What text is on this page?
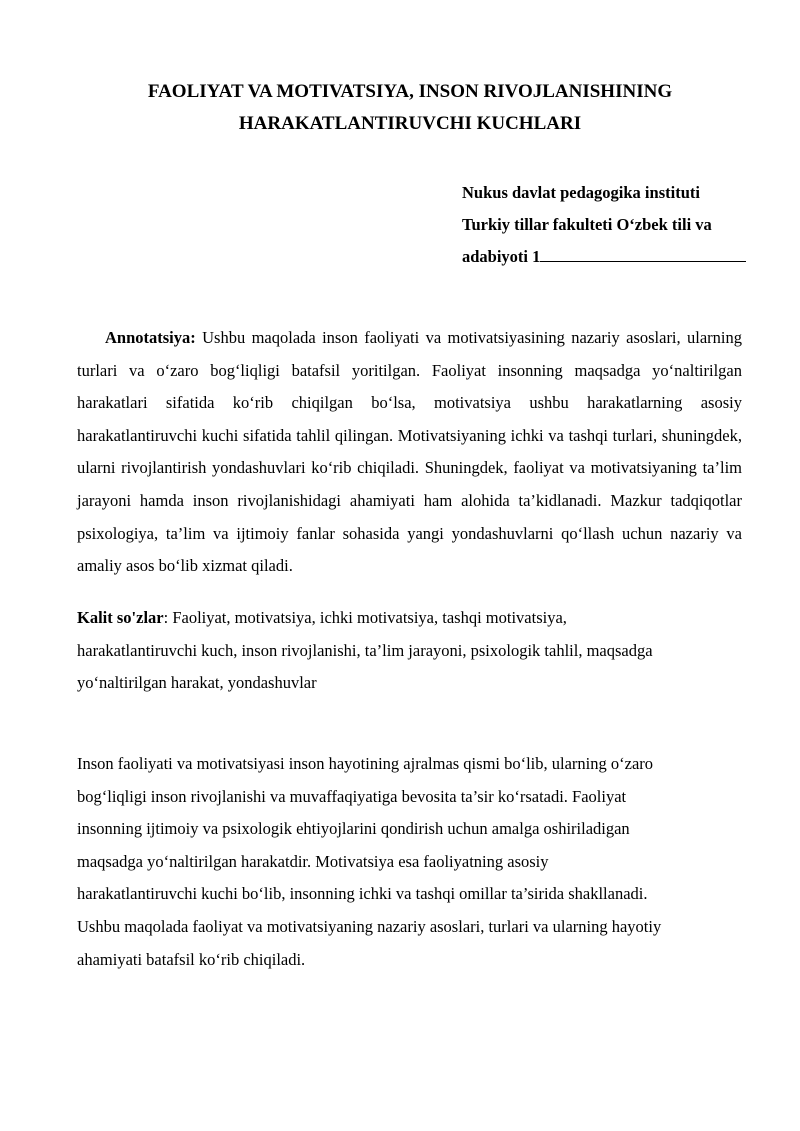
FAOLIYAT VA MOTIVATSIYA, INSON RIVOJLANISHINING
HARAKATLANTIRUVCHI KUCHLARI
Nukus davlat pedagogika instituti
Turkiy tillar fakulteti O‘zbek tili va
adabiyoti 1
Annotatsiya: Ushbu maqolada inson faoliyati va motivatsiyasining nazariy asoslari, ularning turlari va o‘zaro bog‘liqligi batafsil yoritilgan. Faoliyat insonning maqsadga yo‘naltirilgan harakatlari sifatida ko‘rib chiqilgan bo‘lsa, motivatsiya ushbu harakatlarning asosiy harakatlantiruvchi kuchi sifatida tahlil qilingan. Motivatsiyaning ichki va tashqi turlari, shuningdek, ularni rivojlantirish yondashuvlari ko‘rib chiqiladi. Shuningdek, faoliyat va motivatsiyaning ta’lim jarayoni hamda inson rivojlanishidagi ahamiyati ham alohida ta’kidlanadi. Mazkur tadqiqotlar psixologiya, ta’lim va ijtimoiy fanlar sohasida yangi yondashuvlarni qo‘llash uchun nazariy va amaliy asos bo‘lib xizmat qiladi.
Kalit so'zlar: Faoliyat, motivatsiya, ichki motivatsiya, tashqi motivatsiya,
harakatlantiruvchi kuch, inson rivojlanishi, ta’lim jarayoni, psixologik tahlil, maqsadga
yo‘naltirilgan harakat, yondashuvlar
Inson faoliyati va motivatsiyasi inson hayotining ajralmas qismi bo‘lib, ularning o‘zaro
bog‘liqligi inson rivojlanishi va muvaffaqiyatiga bevosita ta’sir ko‘rsatadi. Faoliyat
insonning ijtimoiy va psixologik ehtiyojlarini qondirish uchun amalga oshiriladigan
maqsadga yo‘naltirilgan harakatdir. Motivatsiya esa faoliyatning asosiy
harakatlantiruvchi kuchi bo‘lib, insonning ichki va tashqi omillar ta’sirida shakllanadi.
Ushbu maqolada faoliyat va motivatsiyaning nazariy asoslari, turlari va ularning hayotiy
ahamiyati batafsil ko‘rib chiqiladi.
